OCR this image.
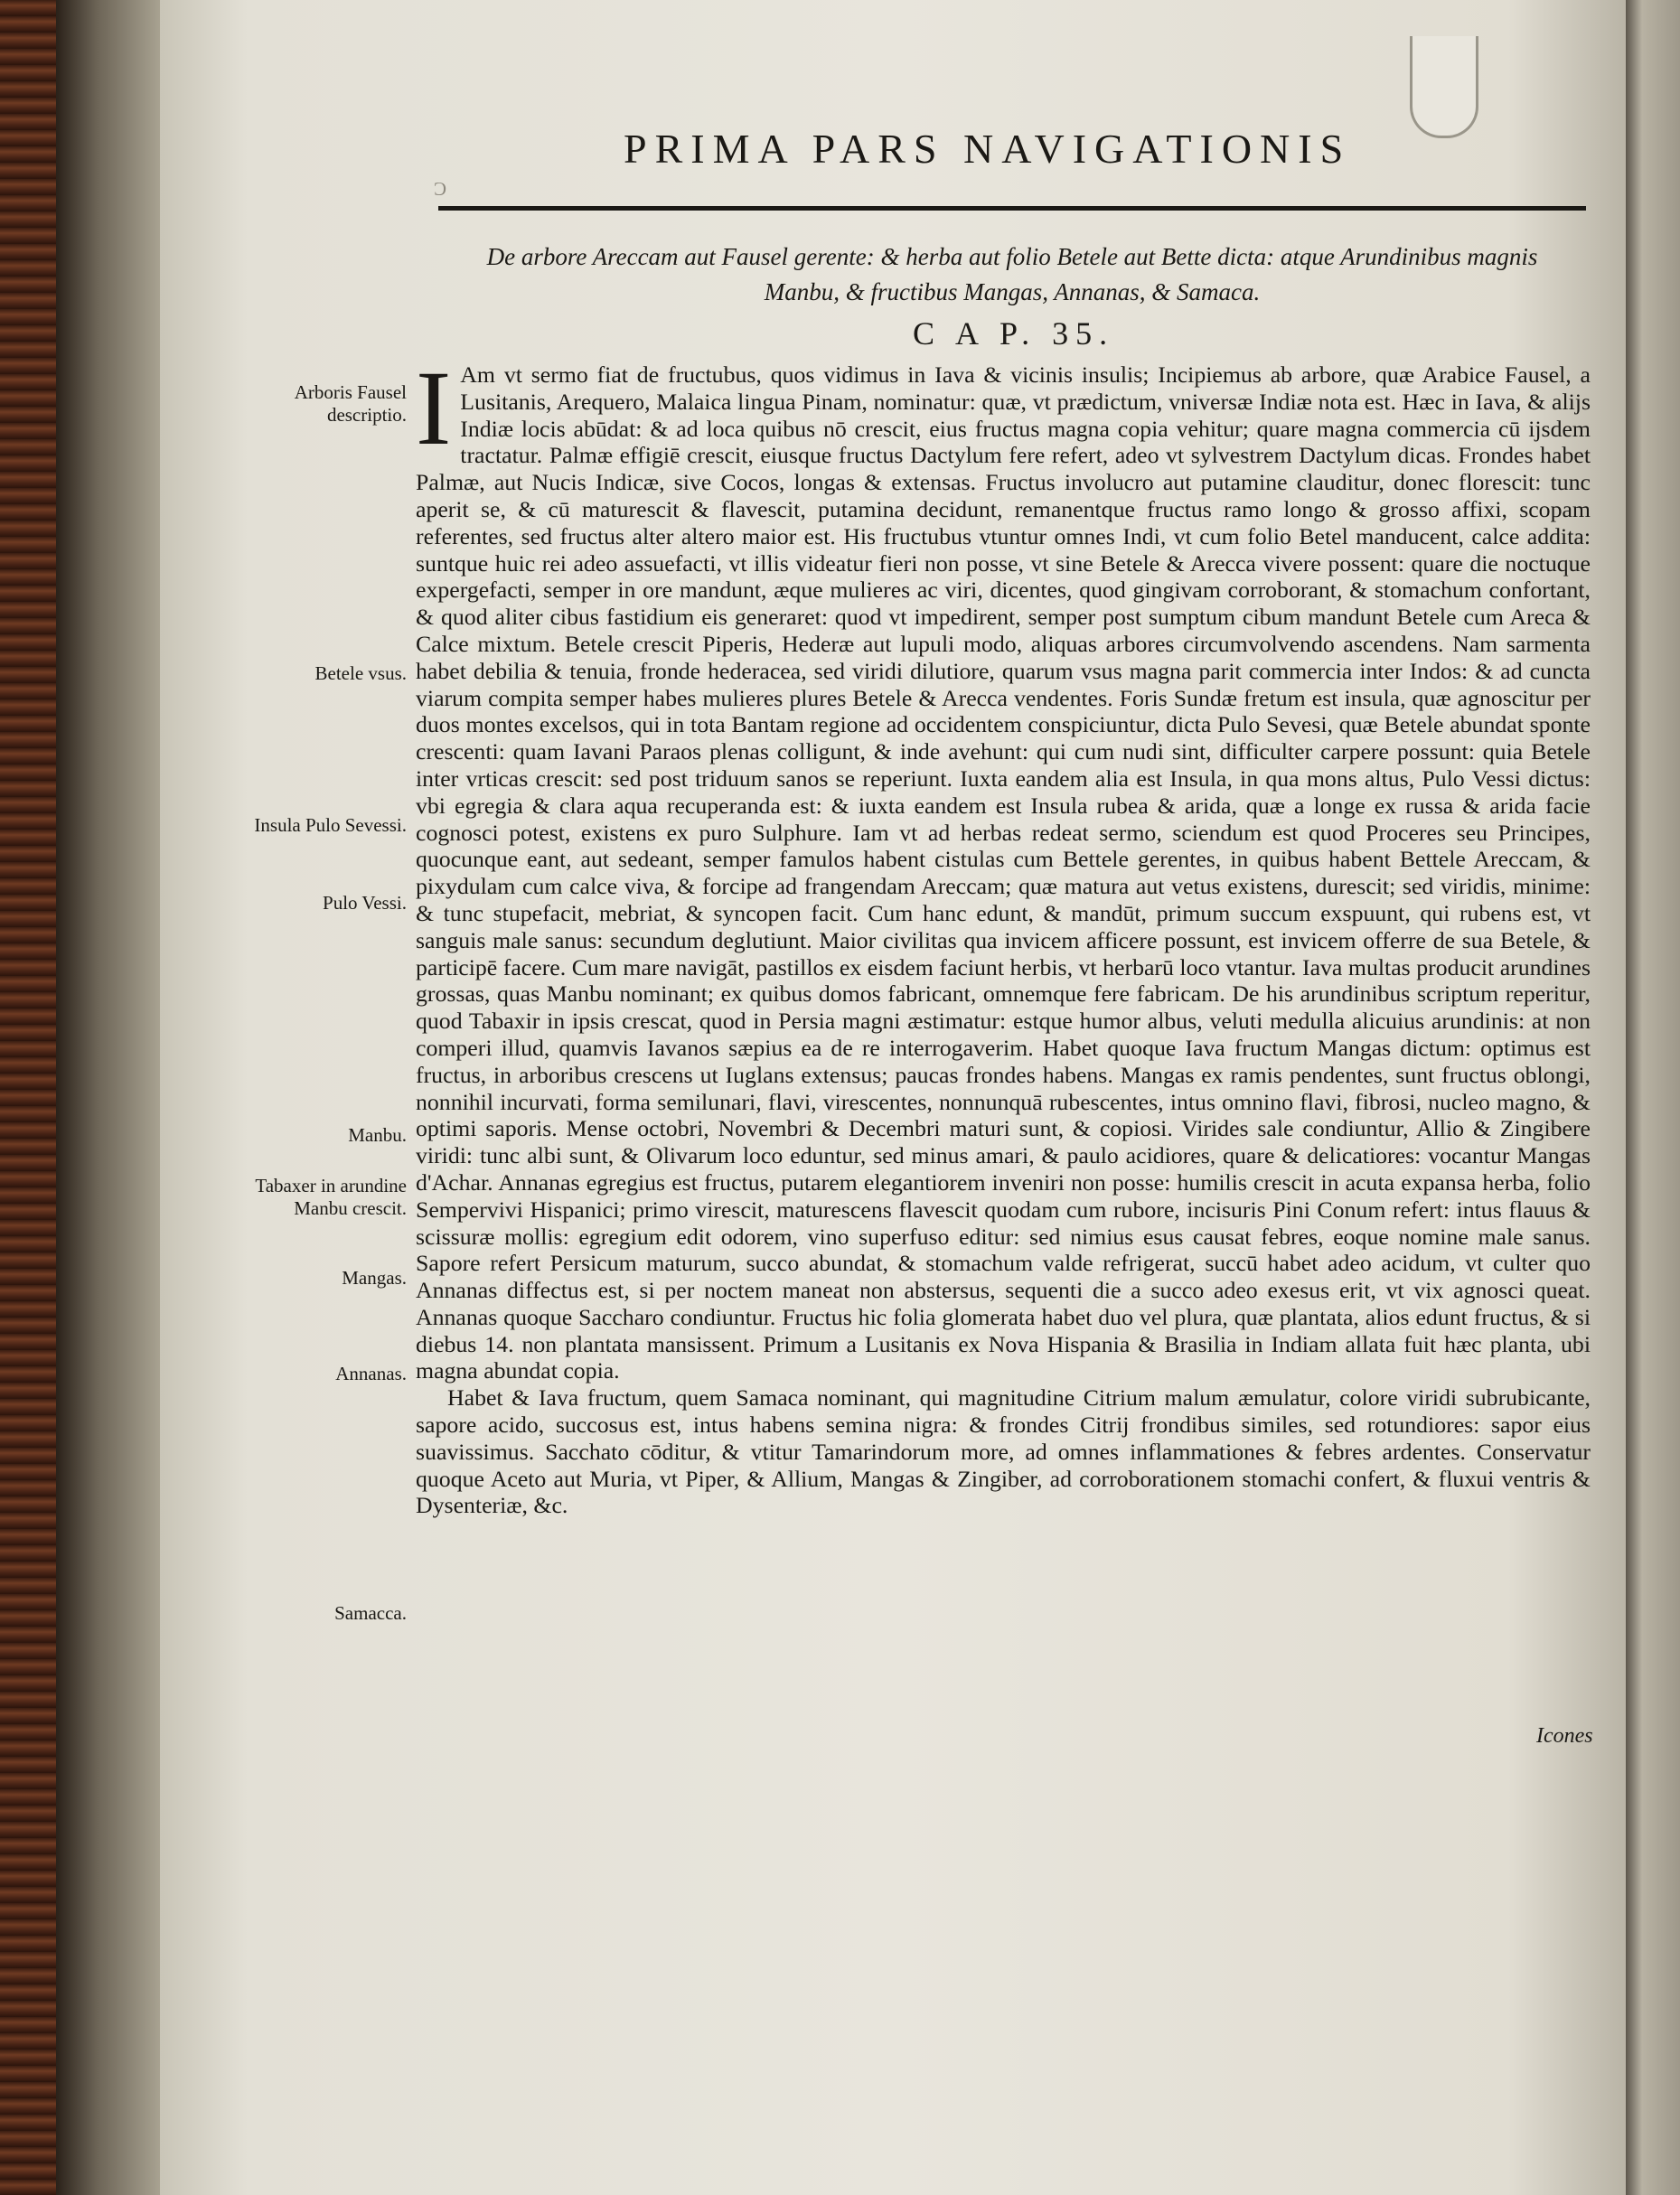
Ɔ
PRIMA PARS NAVIGATIONIS
De arbore Areccam aut Fausel gerente: & herba aut folio Betele aut Bette dicta: atque Arundinibus magnis Manbu, & fructibus Mangas, Annanas, & Samaca.
C A P. 35.

I Am vt sermo fiat de fructubus, quos vidimus in Iava & vicinis insulis; Incipiemus ab arbore, quæ Arabice Fausel, a Lusitanis, Arequero, Malaica lingua Pinam, nominatur: quæ, vt prædictum, vniversæ Indiæ nota est. Hæc in Iava, & alijs Indiæ locis abūdat: & ad loca quibus nō crescit, eius fructus magna copia vehitur; quare magna commercia cū ijsdem tractatur. Palmæ effigiē crescit, eiusque fructus Dactylum fere refert, adeo vt sylvestrem Dactylum dicas. Frondes habet Palmæ, aut Nucis Indicæ, sive Cocos, longas & extensas. Fructus involucro aut putamine clauditur, donec florescit: tunc aperit se, & cū maturescit & flavescit, putamina decidunt, remanentque fructus ramo longo & grosso affixi, scopam referentes, sed fructus alter altero maior est. His fructubus vtuntur omnes Indi, vt cum folio Betel manducent, calce addita: suntque huic rei adeo assuefacti, vt illis videatur fieri non posse, vt sine Betele & Arecca vivere possent: quare die noctuque expergefacti, semper in ore mandunt, æque mulieres ac viri, dicentes, quod gingivam corroborant, & stomachum confortant, & quod aliter cibus fastidium eis generaret: quod vt impedirent, semper post sumptum cibum mandunt Betele cum Areca & Calce mixtum. Betele crescit Piperis, Hederæ aut lupuli modo, aliquas arbores circumvolvendo ascendens. Nam sarmenta habet debilia & tenuia, fronde hederacea, sed viridi dilutiore, quarum vsus magna parit commercia inter Indos: & ad cuncta viarum compita semper habes mulieres plures Betele & Arecca vendentes. Foris Sundæ fretum est insula, quæ agnoscitur per duos montes excelsos, qui in tota Bantam regione ad occidentem conspiciuntur, dicta Pulo Sevesi, quæ Betele abundat sponte crescenti: quam Iavani Paraos plenas colligunt, & inde avehunt: qui cum nudi sint, difficulter carpere possunt: quia Betele inter vrticas crescit: sed post triduum sanos se reperiunt. Iuxta eandem alia est Insula, in qua mons altus, Pulo Vessi dictus: vbi egregia & clara aqua recuperanda est: & iuxta eandem est Insula rubea & arida, quæ a longe ex russa & arida facie cognosci potest, existens ex puro Sulphure. Iam vt ad herbas redeat sermo, sciendum est quod Proceres seu Principes, quocunque eant, aut sedeant, semper famulos habent cistulas cum Bettele gerentes, in quibus habent Bettele Areccam, & pixydulam cum calce viva, & forcipe ad frangendam Areccam; quæ matura aut vetus existens, durescit; sed viridis, minime: & tunc stupefacit, mebriat, & syncopen facit. Cum hanc edunt, & mandūt, primum succum exspuunt, qui rubens est, vt sanguis male sanus: secundum deglutiunt. Maior civilitas qua invicem afficere possunt, est invicem offerre de sua Betele, & participē facere. Cum mare navigāt, pastillos ex eisdem faciunt herbis, vt herbarū loco vtantur. Iava multas producit arundines grossas, quas Manbu nominant; ex quibus domos fabricant, omnemque fere fabricam. De his arundinibus scriptum reperitur, quod Tabaxir in ipsis crescat, quod in Persia magni æstimatur: estque humor albus, veluti medulla alicuius arundinis: at non comperi illud, quamvis Iavanos sæpius ea de re interrogaverim. Habet quoque Iava fructum Mangas dictum: optimus est fructus, in arboribus crescens ut Iuglans extensus; paucas frondes habens. Mangas ex ramis pendentes, sunt fructus oblongi, nonnihil incurvati, forma semilunari, flavi, virescentes, nonnunquā rubescentes, intus omnino flavi, fibrosi, nucleo magno, & optimi saporis. Mense octobri, Novembri & Decembri maturi sunt, & copiosi. Virides sale condiuntur, Allio & Zingibere viridi: tunc albi sunt, & Olivarum loco eduntur, sed minus amari, & paulo acidiores, quare & delicatiores: vocantur Mangas d'Achar. Annanas egregius est fructus, putarem elegantiorem inveniri non posse: humilis crescit in acuta expansa herba, folio Sempervivi Hispanici; primo virescit, maturescens flavescit quodam cum rubore, incisuris Pini Conum refert: intus flauus & scissuræ mollis: egregium edit odorem, vino superfuso editur: sed nimius esus causat febres, eoque nomine male sanus. Sapore refert Persicum maturum, succo abundat, & stomachum valde refrigerat, succū habet adeo acidum, vt culter quo Annanas diffectus est, si per noctem maneat non abstersus, sequenti die a succo adeo exesus erit, vt vix agnosci queat. Annanas quoque Saccharo condiuntur. Fructus hic folia glomerata habet duo vel plura, quæ plantata, alios edunt fructus, & si diebus 14. non plantata mansissent. Primum a Lusitanis ex Nova Hispania & Brasilia in Indiam allata fuit hæc planta, ubi magna abundat copia.

Habet & Iava fructum, quem Samaca nominant, qui magnitudine Citrium malum æmulatur, colore viridi subrubicante, sapore acido, succosus est, intus habens semina nigra: & frondes Citrij frondibus similes, sed rotundiores: sapor eius suavissimus. Sacchato cōditur, & vtitur Tamarindorum more, ad omnes inflammationes & febres ardentes. Conservatur quoque Aceto aut Muria, vt Piper, & Allium, Mangas & Zingiber, ad corroborationem stomachi confert, & fluxui ventris & Dysenteriæ, &c.

Arboris Fausel descriptio.
Betele vsus.
Insula Pulo Sevessi.
Pulo Vessi.
Manbu.
Tabaxer in arundine Manbu crescit.
Mangas.
Annanas.
Samacca.
Icones
